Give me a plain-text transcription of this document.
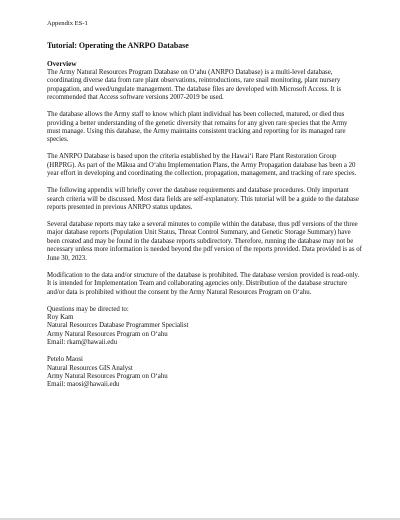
Appendix ES-1
Tutorial: Operating the ANRPO Database
Overview

The Army Natural Resources Program Database on O‘ahu (ANRPO Database) is a multi-level database, coordinating diverse data from rare plant observations, reintroductions, rare snail monitoring, plant nursery propagation, and weed/ungulate management. The database files are developed with Microsoft Access. It is recommended that Access software versions 2007-2019 be used.

The database allows the Army staff to know which plant individual has been collected, matured, or died thus providing a better understanding of the genetic diversity that remains for any given rare species that the Army must manage. Using this database, the Army maintains consistent tracking and reporting for its managed rare species.

The ANRPO Database is based upon the criteria established by the Hawai‘i Rare Plant Restoration Group (HRPRG). As part of the Mākua and O‘ahu Implementation Plans, the Army Propagation database has been a 20 year effort in developing and coordinating the collection, propagation, management, and tracking of rare species.

The following appendix will briefly cover the database requirements and database procedures. Only important search criteria will be discussed. Most data fields are self-explanatory. This tutorial will be a guide to the database reports presented in previous ANRPO status updates.

Several database reports may take a several minutes to compile within the database, thus pdf versions of the three major database reports (Population Unit Status, Threat Control Summary, and Genetic Storage Summary) have been created and may be found in the database reports subdirectory. Therefore, running the database may not be necessary unless more information is needed beyond the pdf version of the reports provided. Data provided is as of June 30, 2023.

Modification to the data and/or structure of the database is prohibited. The database version provided is read-only. It is intended for Implementation Team and collaborating agencies only. Distribution of the database structure and/or data is prohibited without the consent by the Army Natural Resources Program on O‘ahu.

Questions may be directed to:
Roy Kam
Natural Resources Database Programmer Specialist
Army Natural Resources Program on O‘ahu
Email: rkam@hawaii.edu
Petelo Maosi
Natural Resources GIS Analyst
Army Natural Resources Program on O‘ahu
Email: maosi@hawaii.edu
